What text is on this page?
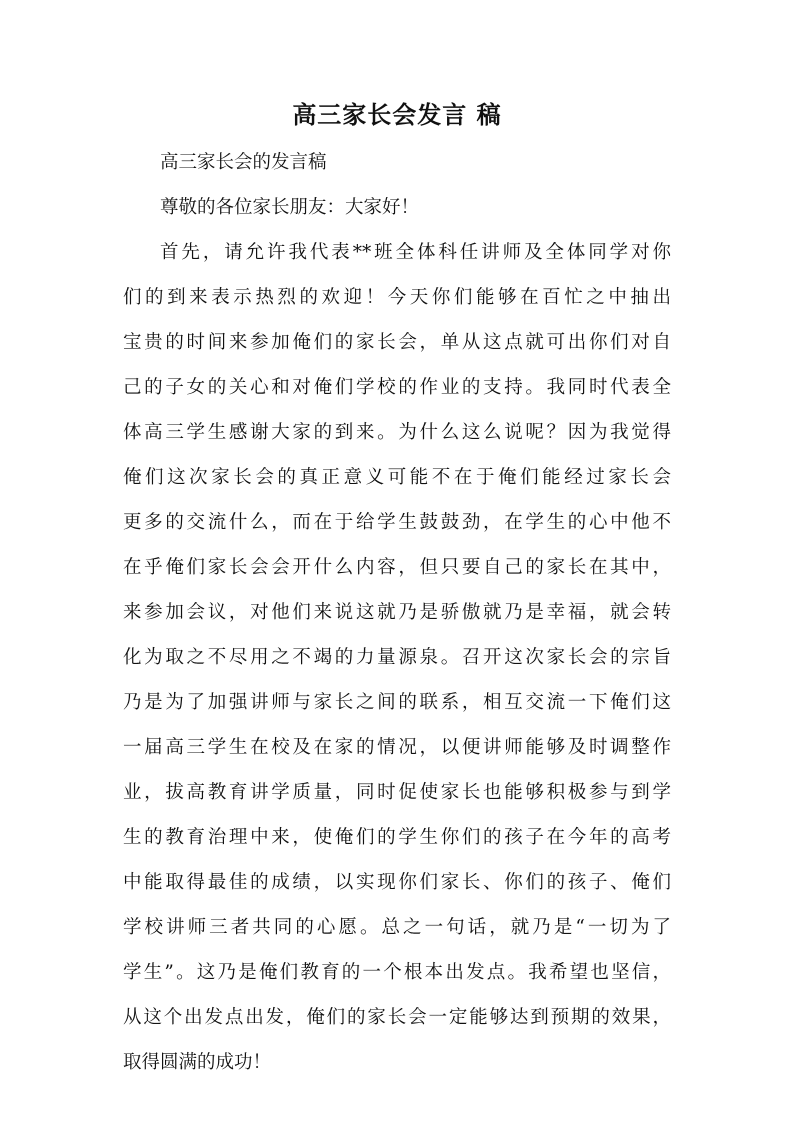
高三家长会发言 稿
高三家长会的发言稿
尊敬的各位家长朋友：大家好！
首先，请允许我代表**班全体科任讲师及全体同学对你
们的到来表示热烈的欢迎！今天你们能够在百忙之中抽出
宝贵的时间来参加俺们的家长会，单从这点就可出你们对自
己的子女的关心和对俺们学校的作业的支持。我同时代表全
体高三学生感谢大家的到来。为什么这么说呢？因为我觉得
俺们这次家长会的真正意义可能不在于俺们能经过家长会
更多的交流什么，而在于给学生鼓鼓劲，在学生的心中他不
在乎俺们家长会会开什么内容，但只要自己的家长在其中，
来参加会议，对他们来说这就乃是骄傲就乃是幸福，就会转
化为取之不尽用之不竭的力量源泉。召开这次家长会的宗旨
乃是为了加强讲师与家长之间的联系，相互交流一下俺们这
一届高三学生在校及在家的情况，以便讲师能够及时调整作
业，拔高教育讲学质量，同时促使家长也能够积极参与到学
生的教育治理中来，使俺们的学生你们的孩子在今年的高考
中能取得最佳的成绩，以实现你们家长、你们的孩子、俺们
学校讲师三者共同的心愿。总之一句话，就乃是“一切为了
学生”。这乃是俺们教育的一个根本出发点。我希望也坚信，
从这个出发点出发，俺们的家长会一定能够达到预期的效果，
取得圆满的成功！
